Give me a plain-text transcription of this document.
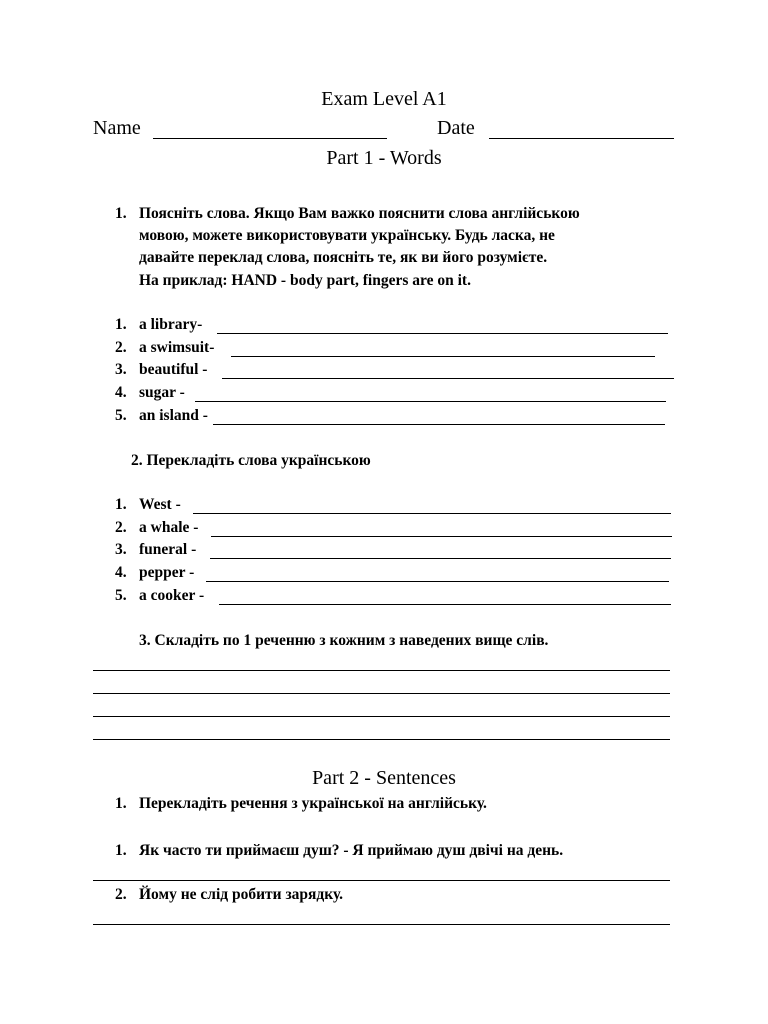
Exam Level A1
Name	Date
Part 1 - Words
1. Поясніть слова. Якщо Вам важко пояснити слова англійською
мовою, можете використовувати українську. Будь ласка, не
давайте переклад слова, поясніть те, як ви його розумієте.
На приклад: HAND - body part, fingers are on it.
1. a library-
2. a swimsuit-
3. beautiful -
4. sugar -
5. an island -
2. Перекладіть слова українською
1. West -
2. a whale -
3. funeral -
4. pepper -
5. a cooker -
3. Складіть по 1 реченню з кожним з наведених вище слів.
Part 2 - Sentences
1. Перекладіть речення з української на англійську.
1. Як часто ти приймаєш душ? - Я приймаю душ двічі на день.
2. Йому не слід робити зарядку.
